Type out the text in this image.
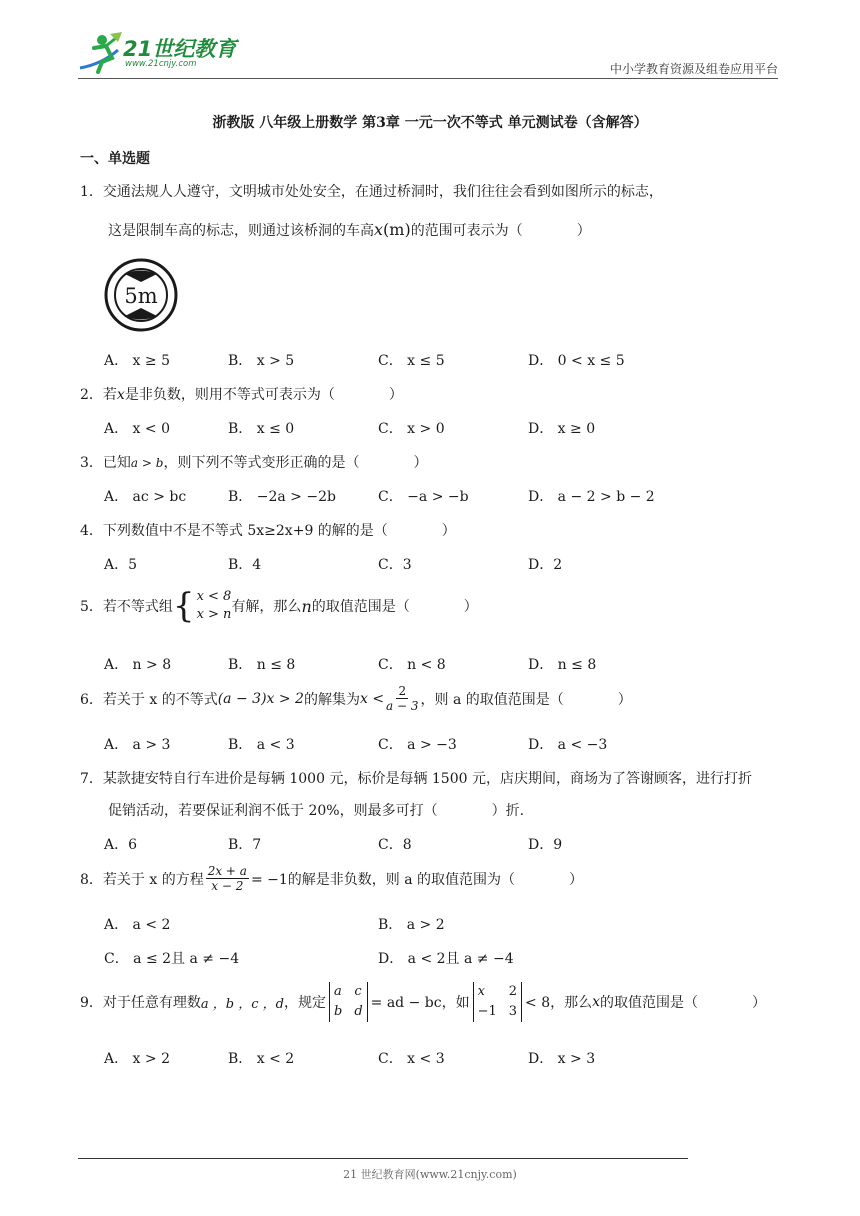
21世纪教育
www.21cnjy.com	中小学教育资源及组卷应用平台
浙教版 八年级上册数学 第3章 一元一次不等式 单元测试卷（含解答）
一、单选题
1．交通法规人人遵守，文明城市处处安全，在通过桥洞时，我们往往会看到如图所示的标志，
这是限制车高的标志，则通过该桥洞的车高x(m)的范围可表示为（	）
5m
A． x ≥ 5	B． x > 5	C． x ≤ 5	D． 0 < x ≤ 5
2．若x是非负数，则用不等式可表示为（	）
A． x < 0	B． x ≤ 0	C． x > 0	D． x ≥ 0
3．已知a > b，则下列不等式变形正确的是（	）
A． ac > bc	B． −2a > −2b	C． −a > −b	D． a − 2 > b − 2
4．下列数值中不是不等式 5x≥2x+9 的解的是（	）
A．5	B．4	C．3	D．2
5． 若不等式组 { x < 8
x > n 有解，那么 n 的取值范围是（	）
A． n > 8	B． n ≤ 8	C． n < 8	D． n ≤ 8
6． 若关于 x 的不等式 (a − 3)x > 2 的解集为 $x < \frac{2}{a - 3}$ ，则 a 的取值范围是（	）
A． a > 3	B． a < 3	C． a > −3	D． a < −3
7．某款捷安特自行车进价是每辆 1000 元，标价是每辆 1500 元，店庆期间，商场为了答谢顾客，进行打折
促销活动，若要保证利润不低于 20%，则最多可打（	）折.
A．6	B．7	C．8	D．9
8． 若关于 x 的方程 $\frac{2x + a}{x - 2} = -1$的解是非负数，则 a 的取值范围为（	）
A． a < 2	B． a > 2
C． a ≤ 2且 a ≠ −4	D． a < 2且 a ≠ −4
9． 对于任意有理数 a ，b ，c ，d ，规定
a c
b d
= ad − bc，如
x	2
−1 3
< 8，那么 x 的取值范围是（	）
A． x > 2	B． x < 2	C． x < 3	D． x > 3
21 世纪教育网(www.21cnjy.com)
